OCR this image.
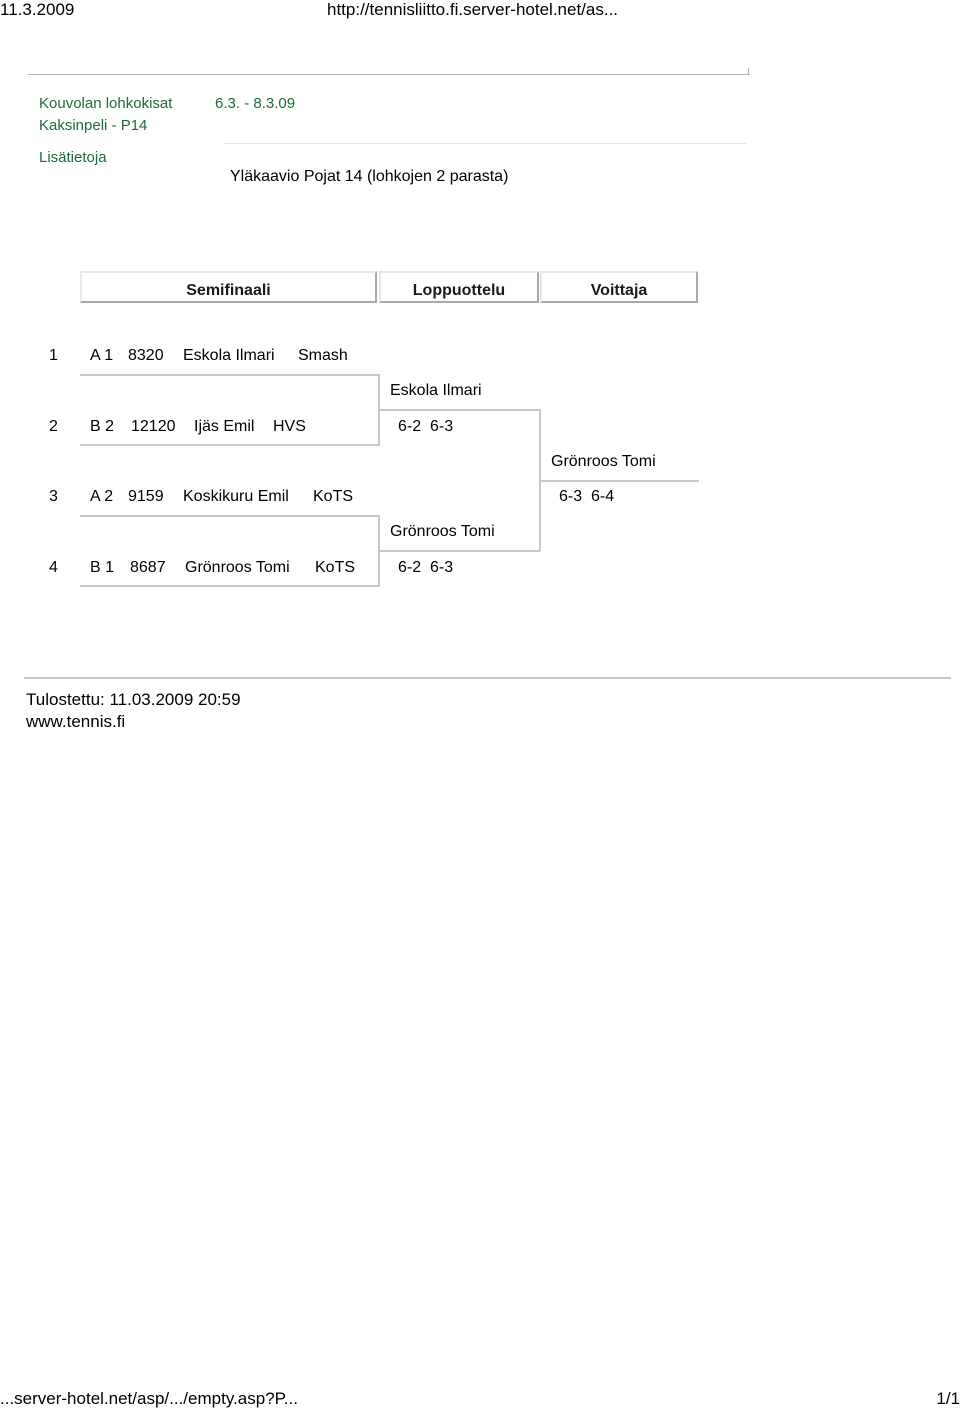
11.3.2009	http://tennisliitto.fi.server-hotel.net/as...
Kouvolan lohkokisat	6.3. - 8.3.09
Kaksinpeli - P14
Lisätietoja
Yläkaavio Pojat 14 (lohkojen 2 parasta)
Semifinaali	Loppuottelu	Voittaja
1 A 1 8320 Eskola Ilmari Smash
Eskola Ilmari
2 B 2 12120 Ijäs Emil HVS	6-2  6-3
Grönroos Tomi
3 A 2 9159 Koskikuru Emil KoTS	6-3  6-4
Grönroos Tomi
4 B 1 8687 Grönroos Tomi KoTS	6-2  6-3
Tulostettu: 11.03.2009 20:59
www.tennis.fi
...server-hotel.net/asp/.../empty.asp?P...	1/1
